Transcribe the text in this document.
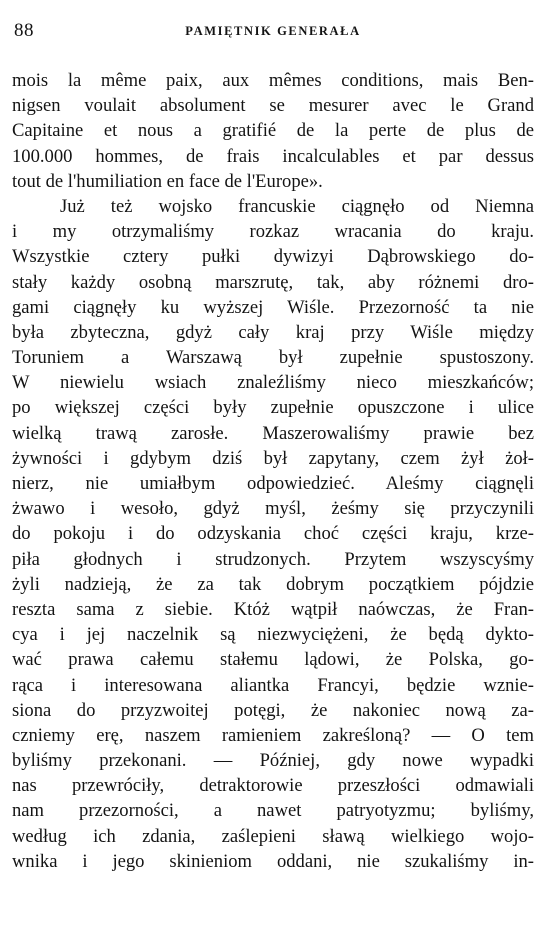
88	PAMIĘTNIK GENERAŁA
mois la même paix, aux mêmes conditions, mais Ben-
nigsen voulait absolument se mesurer avec le Grand
Capitaine et nous a gratifié de la perte de plus de
100.000 hommes, de frais incalculables et par dessus
tout de l'humiliation en face de l'Europe».
Już też wojsko francuskie ciągnęło od Niemna
i my otrzymaliśmy rozkaz wracania do kraju.
Wszystkie cztery pułki dywizyi Dąbrowskiego do-
stały każdy osobną marszrutę, tak, aby różnemi dro-
gami ciągnęły ku wyższej Wiśle. Przezorność ta nie
była zbyteczna, gdyż cały kraj przy Wiśle między
Toruniem a Warszawą był zupełnie spustoszony.
W niewielu wsiach znaleźliśmy nieco mieszkańców;
po większej części były zupełnie opuszczone i ulice
wielką trawą zarosłe. Maszerowaliśmy prawie bez
żywności i gdybym dziś był zapytany, czem żył żoł-
nierz, nie umiałbym odpowiedzieć. Aleśmy ciągnęli
żwawo i wesoło, gdyż myśl, żeśmy się przyczynili
do pokoju i do odzyskania choć części kraju, krze-
piła głodnych i strudzonych. Przytem wszyscyśmy
żyli nadzieją, że za tak dobrym początkiem pójdzie
reszta sama z siebie. Któż wątpił naówczas, że Fran-
cya i jej naczelnik są niezwyciężeni, że będą dykto-
wać prawa całemu stałemu lądowi, że Polska, go-
rąca i interesowana aliantka Francyi, będzie wznie-
siona do przyzwoitej potęgi, że nakoniec nową za-
czniemy erę, naszem ramieniem zakreśloną? — O tem
byliśmy przekonani. — Później, gdy nowe wypadki
nas przewróciły, detraktorowie przeszłości odmawiali
nam przezorności, a nawet patryotyzmu; byliśmy,
według ich zdania, zaślepieni sławą wielkiego wojo-
wnika i jego skinieniom oddani, nie szukaliśmy in-
